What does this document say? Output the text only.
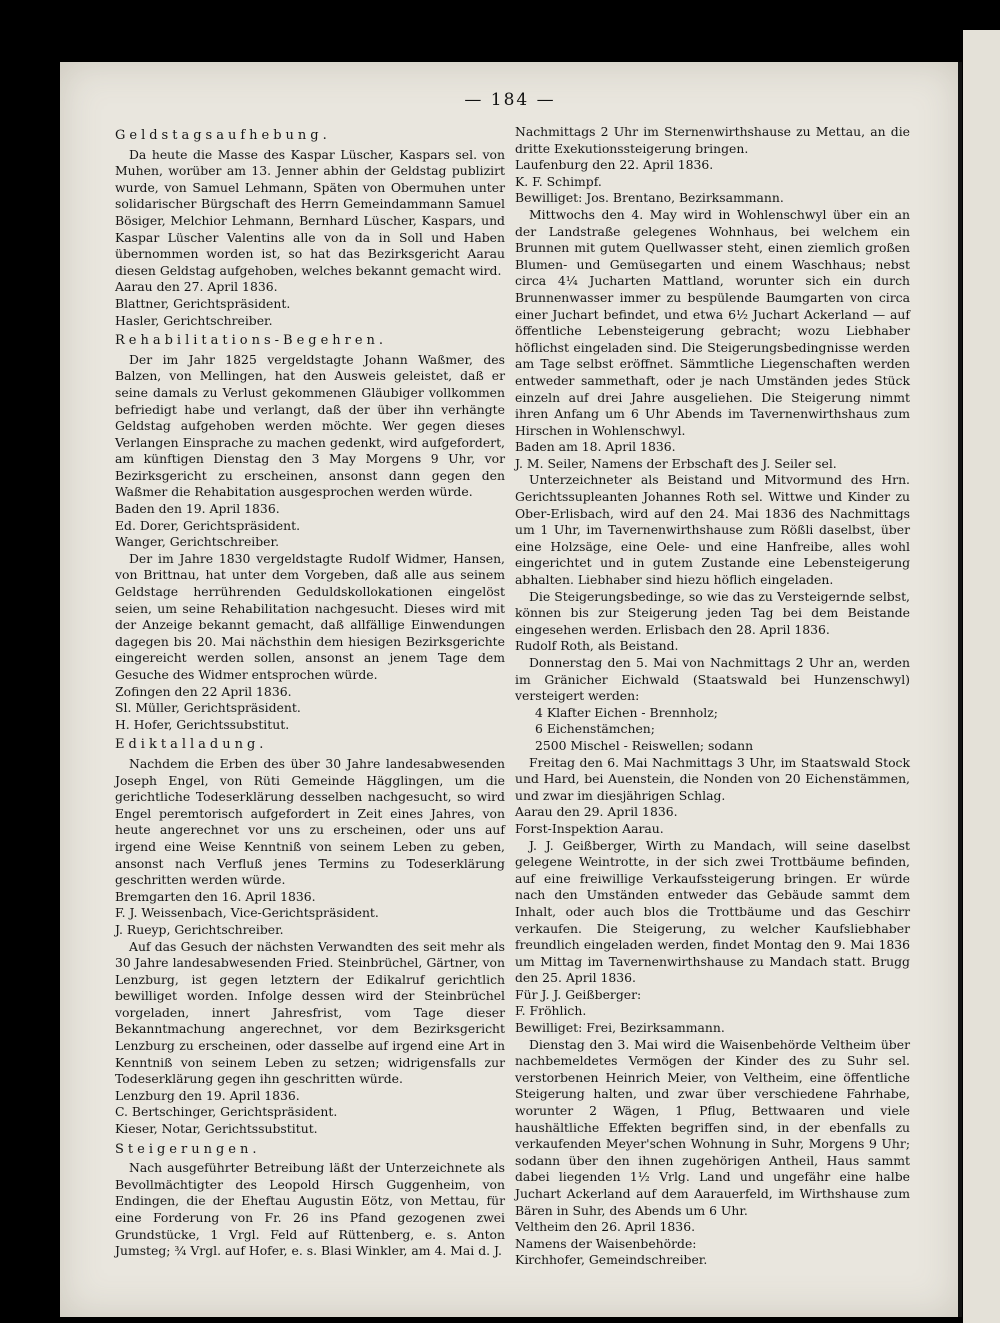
— 184 —

Geldstagsaufhebung.

Da heute die Masse des Kaspar Lüscher, Kaspars sel. von Muhen, worüber am 13. Jenner abhin der Geldstag publizirt wurde, von Samuel Lehmann, Späten von Obermuhen unter solidarischer Bürgschaft des Herrn Gemeindammann Samuel Bösiger, Melchior Lehmann, Bernhard Lüscher, Kaspars, und Kaspar Lüscher Valentins alle von da in Soll und Haben übernommen worden ist, so hat das Bezirksgericht Aarau diesen Geldstag aufgehoben, welches bekannt gemacht wird.

Aarau den 27. April 1836.

Blattner, Gerichtspräsident.

Hasler, Gerichtschreiber.

Rehabilitations-Begehren.

Der im Jahr 1825 vergeldstagte Johann Waßmer, des Balzen, von Mellingen, hat den Ausweis geleistet, daß er seine damals zu Verlust gekommenen Gläubiger vollkommen befriedigt habe und verlangt, daß der über ihn verhängte Geldstag aufgehoben werden möchte. Wer gegen dieses Verlangen Einsprache zu machen gedenkt, wird aufgefordert, am künftigen Dienstag den 3 May Morgens 9 Uhr, vor Bezirksgericht zu erscheinen, ansonst dann gegen den Waßmer die Rehabitation ausgesprochen werden würde.

Baden den 19. April 1836.

Ed. Dorer, Gerichtspräsident.

Wanger, Gerichtschreiber.

Der im Jahre 1830 vergeldstagte Rudolf Widmer, Hansen, von Brittnau, hat unter dem Vorgeben, daß alle aus seinem Geldstage herrührenden Geduldskollokationen eingelöst seien, um seine Rehabilitation nachgesucht. Dieses wird mit der Anzeige bekannt gemacht, daß allfällige Einwendungen dagegen bis 20. Mai nächsthin dem hiesigen Bezirksgerichte eingereicht werden sollen, ansonst an jenem Tage dem Gesuche des Widmer entsprochen würde.

Zofingen den 22 April 1836.

Sl. Müller, Gerichtspräsident.

H. Hofer, Gerichtssubstitut.

Ediktalladung.

Nachdem die Erben des über 30 Jahre landesabwesenden Joseph Engel, von Rüti Gemeinde Hägglingen, um die gerichtliche Todeserklärung desselben nachgesucht, so wird Engel peremtorisch aufgefordert in Zeit eines Jahres, von heute angerechnet vor uns zu erscheinen, oder uns auf irgend eine Weise Kenntniß von seinem Leben zu geben, ansonst nach Verfluß jenes Termins zu Todeserklärung geschritten werden würde.

Bremgarten den 16. April 1836.

F. J. Weissenbach, Vice-Gerichtspräsident.

J. Rueyp, Gerichtschreiber.

Auf das Gesuch der nächsten Verwandten des seit mehr als 30 Jahre landesabwesenden Fried. Steinbrüchel, Gärtner, von Lenzburg, ist gegen letztern der Edikalruf gerichtlich bewilliget worden. Infolge dessen wird der Steinbrüchel vorgeladen, innert Jahresfrist, vom Tage dieser Bekanntmachung angerechnet, vor dem Bezirksgericht Lenzburg zu erscheinen, oder dasselbe auf irgend eine Art in Kenntniß von seinem Leben zu setzen; widrigensfalls zur Todeserklärung gegen ihn geschritten würde.

Lenzburg den 19. April 1836.

C. Bertschinger, Gerichtspräsident.

Kieser, Notar, Gerichtssubstitut.

Steigerungen.

Nach ausgeführter Betreibung läßt der Unterzeichnete als Bevollmächtigter des Leopold Hirsch Guggenheim, von Endingen, die der Eheftau Augustin Eötz, von Mettau, für eine Forderung von Fr. 26 ins Pfand gezogenen zwei Grundstücke, 1 Vrgl. Feld auf Rüttenberg, e. s. Anton Jumsteg; ¾ Vrgl. auf Hofer, e. s. Blasi Winkler, am 4. Mai d. J.

Nachmittags 2 Uhr im Sternenwirthshause zu Mettau, an die dritte Exekutionssteigerung bringen.

Laufenburg den 22. April 1836.

K. F. Schimpf.

Bewilliget: Jos. Brentano, Bezirksammann.

Mittwochs den 4. May wird in Wohlenschwyl über ein an der Landstraße gelegenes Wohnhaus, bei welchem ein Brunnen mit gutem Quellwasser steht, einen ziemlich großen Blumen- und Gemüsegarten und einem Waschhaus; nebst circa 4¼ Jucharten Mattland, worunter sich ein durch Brunnenwasser immer zu bespülende Baumgarten von circa einer Juchart befindet, und etwa 6½ Juchart Ackerland — auf öffentliche Lebensteigerung gebracht; wozu Liebhaber höflichst eingeladen sind. Die Steigerungsbedingnisse werden am Tage selbst eröffnet. Sämmtliche Liegenschaften werden entweder sammethaft, oder je nach Umständen jedes Stück einzeln auf drei Jahre ausgeliehen. Die Steigerung nimmt ihren Anfang um 6 Uhr Abends im Tavernenwirthshaus zum Hirschen in Wohlenschwyl.

Baden am 18. April 1836.

J. M. Seiler, Namens der Erbschaft des J. Seiler sel.

Unterzeichneter als Beistand und Mitvormund des Hrn. Gerichtssupleanten Johannes Roth sel. Wittwe und Kinder zu Ober-Erlisbach, wird auf den 24. Mai 1836 des Nachmittags um 1 Uhr, im Tavernenwirthshause zum Rößli daselbst, über eine Holzsäge, eine Oele- und eine Hanfreibe, alles wohl eingerichtet und in gutem Zustande eine Lebensteigerung abhalten. Liebhaber sind hiezu höflich eingeladen.

Die Steigerungsbedinge, so wie das zu Versteigernde selbst, können bis zur Steigerung jeden Tag bei dem Beistande eingesehen werden. Erlisbach den 28. April 1836.

Rudolf Roth, als Beistand.

Donnerstag den 5. Mai von Nachmittags 2 Uhr an, werden im Gränicher Eichwald (Staatswald bei Hunzenschwyl) versteigert werden:

4 Klafter Eichen - Brennholz;

6 Eichenstämchen;

2500 Mischel - Reiswellen; sodann

Freitag den 6. Mai Nachmittags 3 Uhr, im Staatswald Stock und Hard, bei Auenstein, die Nonden von 20 Eichenstämmen, und zwar im diesjährigen Schlag.

Aarau den 29. April 1836.

Forst-Inspektion Aarau.

J. J. Geißberger, Wirth zu Mandach, will seine daselbst gelegene Weintrotte, in der sich zwei Trottbäume befinden, auf eine freiwillige Verkaufssteigerung bringen. Er würde nach den Umständen entweder das Gebäude sammt dem Inhalt, oder auch blos die Trottbäume und das Geschirr verkaufen. Die Steigerung, zu welcher Kaufsliebhaber freundlich eingeladen werden, findet Montag den 9. Mai 1836 um Mittag im Tavernenwirthshause zu Mandach statt. Brugg den 25. April 1836.

Für J. J. Geißberger:

F. Fröhlich.

Bewilliget: Frei, Bezirksammann.

Dienstag den 3. Mai wird die Waisenbehörde Veltheim über nachbemeldetes Vermögen der Kinder des zu Suhr sel. verstorbenen Heinrich Meier, von Veltheim, eine öffentliche Steigerung halten, und zwar über verschiedene Fahrhabe, worunter 2 Wägen, 1 Pflug, Bettwaaren und viele haushältliche Effekten begriffen sind, in der ebenfalls zu verkaufenden Meyer'schen Wohnung in Suhr, Morgens 9 Uhr; sodann über den ihnen zugehörigen Antheil, Haus sammt dabei liegenden 1½ Vrlg. Land und ungefähr eine halbe Juchart Ackerland auf dem Aarauerfeld, im Wirthshause zum Bären in Suhr, des Abends um 6 Uhr.

Veltheim den 26. April 1836.

Namens der Waisenbehörde:

Kirchhofer, Gemeindschreiber.
